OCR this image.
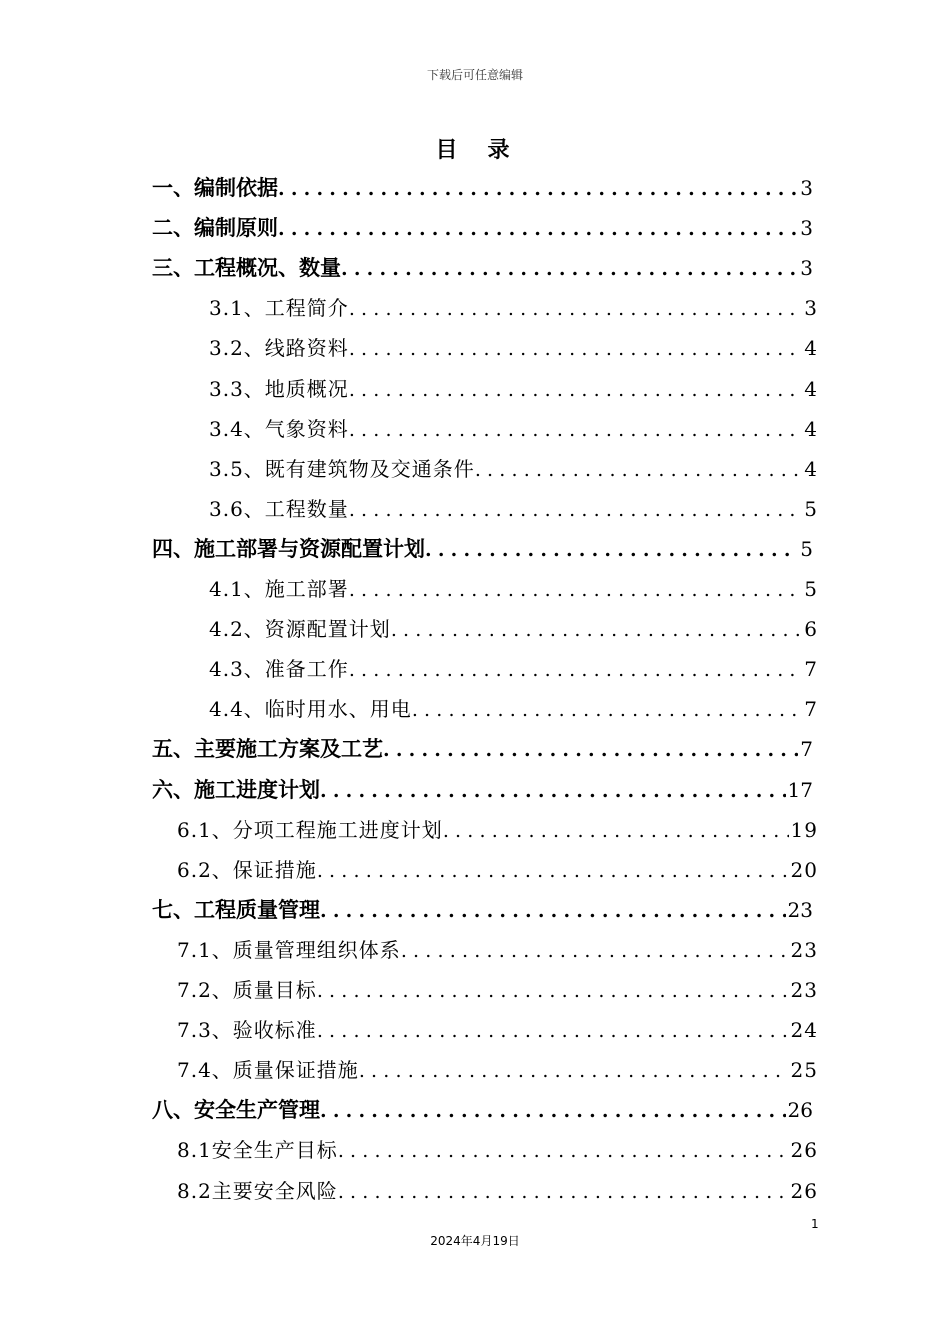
下载后可任意编辑
目录
一、编制依据 .....	3
二、编制原则 .....	3
三、工程概况、数量 .....	3
3.1、工程简介 .....	3
3.2、线路资料 .....	4
3.3、地质概况 .....	4
3.4、气象资料 .....	4
3.5、既有建筑物及交通条件 .....	4
3.6、工程数量 .....	5
四、施工部署与资源配置计划 .....	5
4.1、施工部署 .....	5
4.2、资源配置计划 .....	6
4.3、准备工作 .....	7
4.4、临时用水、用电 .....	7
五、主要施工方案及工艺 .....	7
六、施工进度计划 .....	17
6.1、分项工程施工进度计划 .....	19
6.2、保证措施 .....	20
七、工程质量管理 .....	23
7.1、质量管理组织体系 .....	23
7.2、质量目标 .....	23
7.3、验收标准 .....	24
7.4、质量保证措施 .....	25
八、安全生产管理 .....	26
8.1安全生产目标 .....	26
8.2主要安全风险 .....	26
1
2024年4月19日
